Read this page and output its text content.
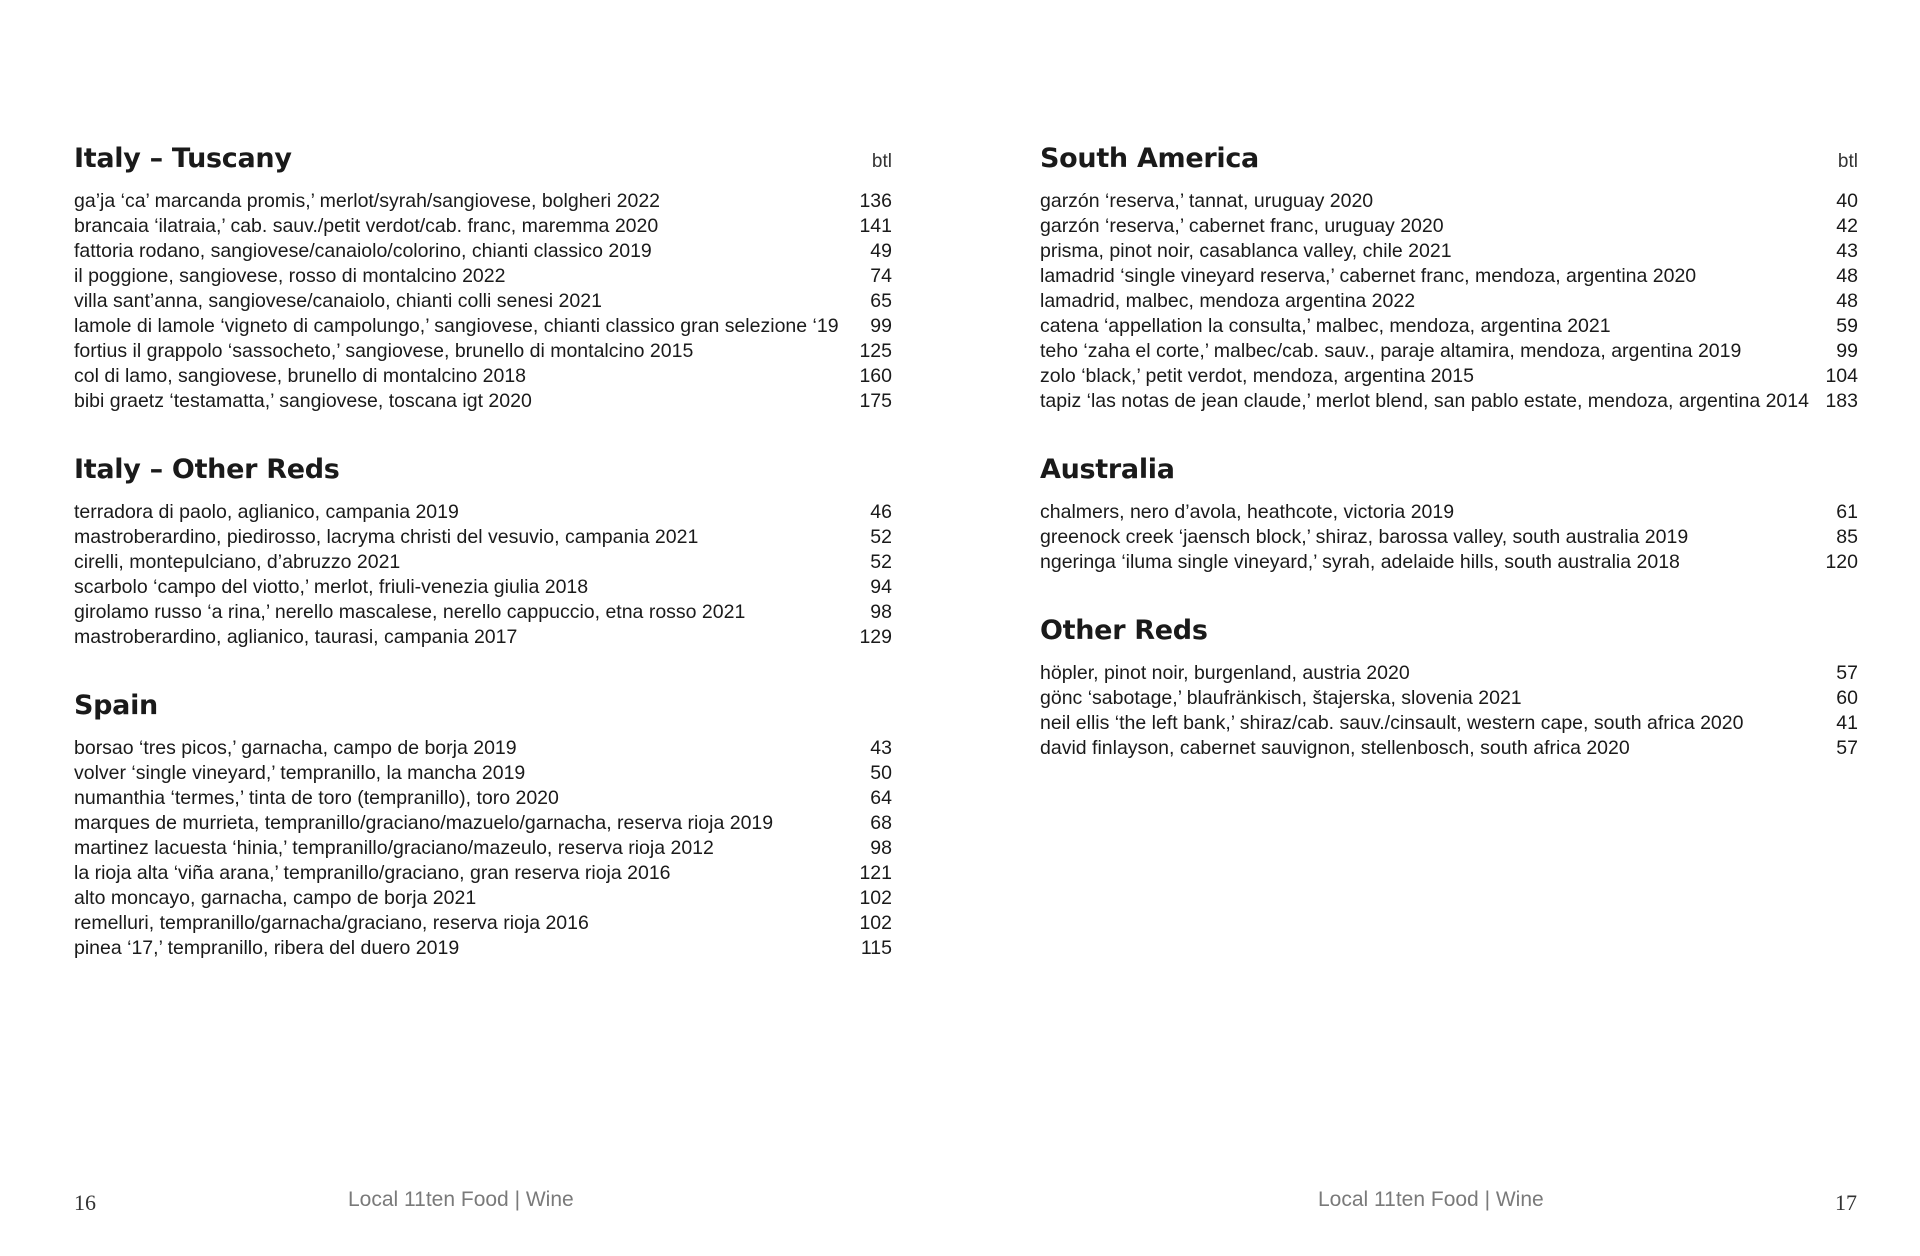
Italy – Tuscany	btl
ga’ja ‘ca’ marcanda promis,’ merlot/syrah/sangiovese, bolgheri 2022	136
brancaia ‘ilatraia,’ cab. sauv./petit verdot/cab. franc, maremma 2020	141
fattoria rodano, sangiovese/canaiolo/colorino, chianti classico 2019	49
il poggione, sangiovese, rosso di montalcino 2022	74
villa sant’anna, sangiovese/canaiolo, chianti colli senesi 2021	65
lamole di lamole ‘vigneto di campolungo,’ sangiovese, chianti classico gran selezione ‘19	99
fortius il grappolo ‘sassocheto,’ sangiovese, brunello di montalcino 2015	125
col di lamo, sangiovese, brunello di montalcino 2018	160
bibi graetz ‘testamatta,’ sangiovese, toscana igt 2020	175
Italy – Other Reds
terradora di paolo, aglianico, campania 2019	46
mastroberardino, piedirosso, lacryma christi del vesuvio, campania 2021	52
cirelli, montepulciano, d’abruzzo 2021	52
scarbolo ‘campo del viotto,’ merlot, friuli-venezia giulia 2018	94
girolamo russo ‘a rina,’ nerello mascalese, nerello cappuccio, etna rosso 2021	98
mastroberardino, aglianico, taurasi, campania 2017	129
Spain
borsao ‘tres picos,’ garnacha, campo de borja 2019	43
volver ‘single vineyard,’ tempranillo, la mancha 2019	50
numanthia ‘termes,’ tinta de toro (tempranillo), toro 2020	64
marques de murrieta, tempranillo/graciano/mazuelo/garnacha, reserva rioja 2019	68
martinez lacuesta ‘hinia,’ tempranillo/graciano/mazeulo, reserva rioja 2012	98
la rioja alta ‘viña arana,’ tempranillo/graciano, gran reserva rioja 2016	121
alto moncayo, garnacha, campo de borja 2021	102
remelluri, tempranillo/garnacha/graciano, reserva rioja 2016	102
pinea ‘17,’ tempranillo, ribera del duero 2019	115
South America	btl
garzón ‘reserva,’ tannat, uruguay 2020	40
garzón ‘reserva,’ cabernet franc, uruguay 2020	42
prisma, pinot noir, casablanca valley, chile 2021	43
lamadrid ‘single vineyard reserva,’ cabernet franc, mendoza, argentina 2020	48
lamadrid, malbec, mendoza argentina 2022	48
catena ‘appellation la consulta,’ malbec, mendoza, argentina 2021	59
teho ‘zaha el corte,’ malbec/cab. sauv., paraje altamira, mendoza, argentina 2019	99
zolo ‘black,’ petit verdot, mendoza, argentina 2015	104
tapiz ‘las notas de jean claude,’ merlot blend, san pablo estate, mendoza, argentina 2014 183
Australia
chalmers, nero d’avola, heathcote, victoria 2019	61
greenock creek ‘jaensch block,’ shiraz, barossa valley, south australia 2019	85
ngeringa ‘iluma single vineyard,’ syrah, adelaide hills, south australia 2018	120
Other Reds
höpler, pinot noir, burgenland, austria 2020	57
gönc ‘sabotage,’ blaufränkisch, štajerska, slovenia 2021	60
neil ellis ‘the left bank,’ shiraz/cab. sauv./cinsault, western cape, south africa 2020	41
david finlayson, cabernet sauvignon, stellenbosch, south africa 2020	57
16	Local 11ten Food | Wine	Local 11ten Food | Wine	17
